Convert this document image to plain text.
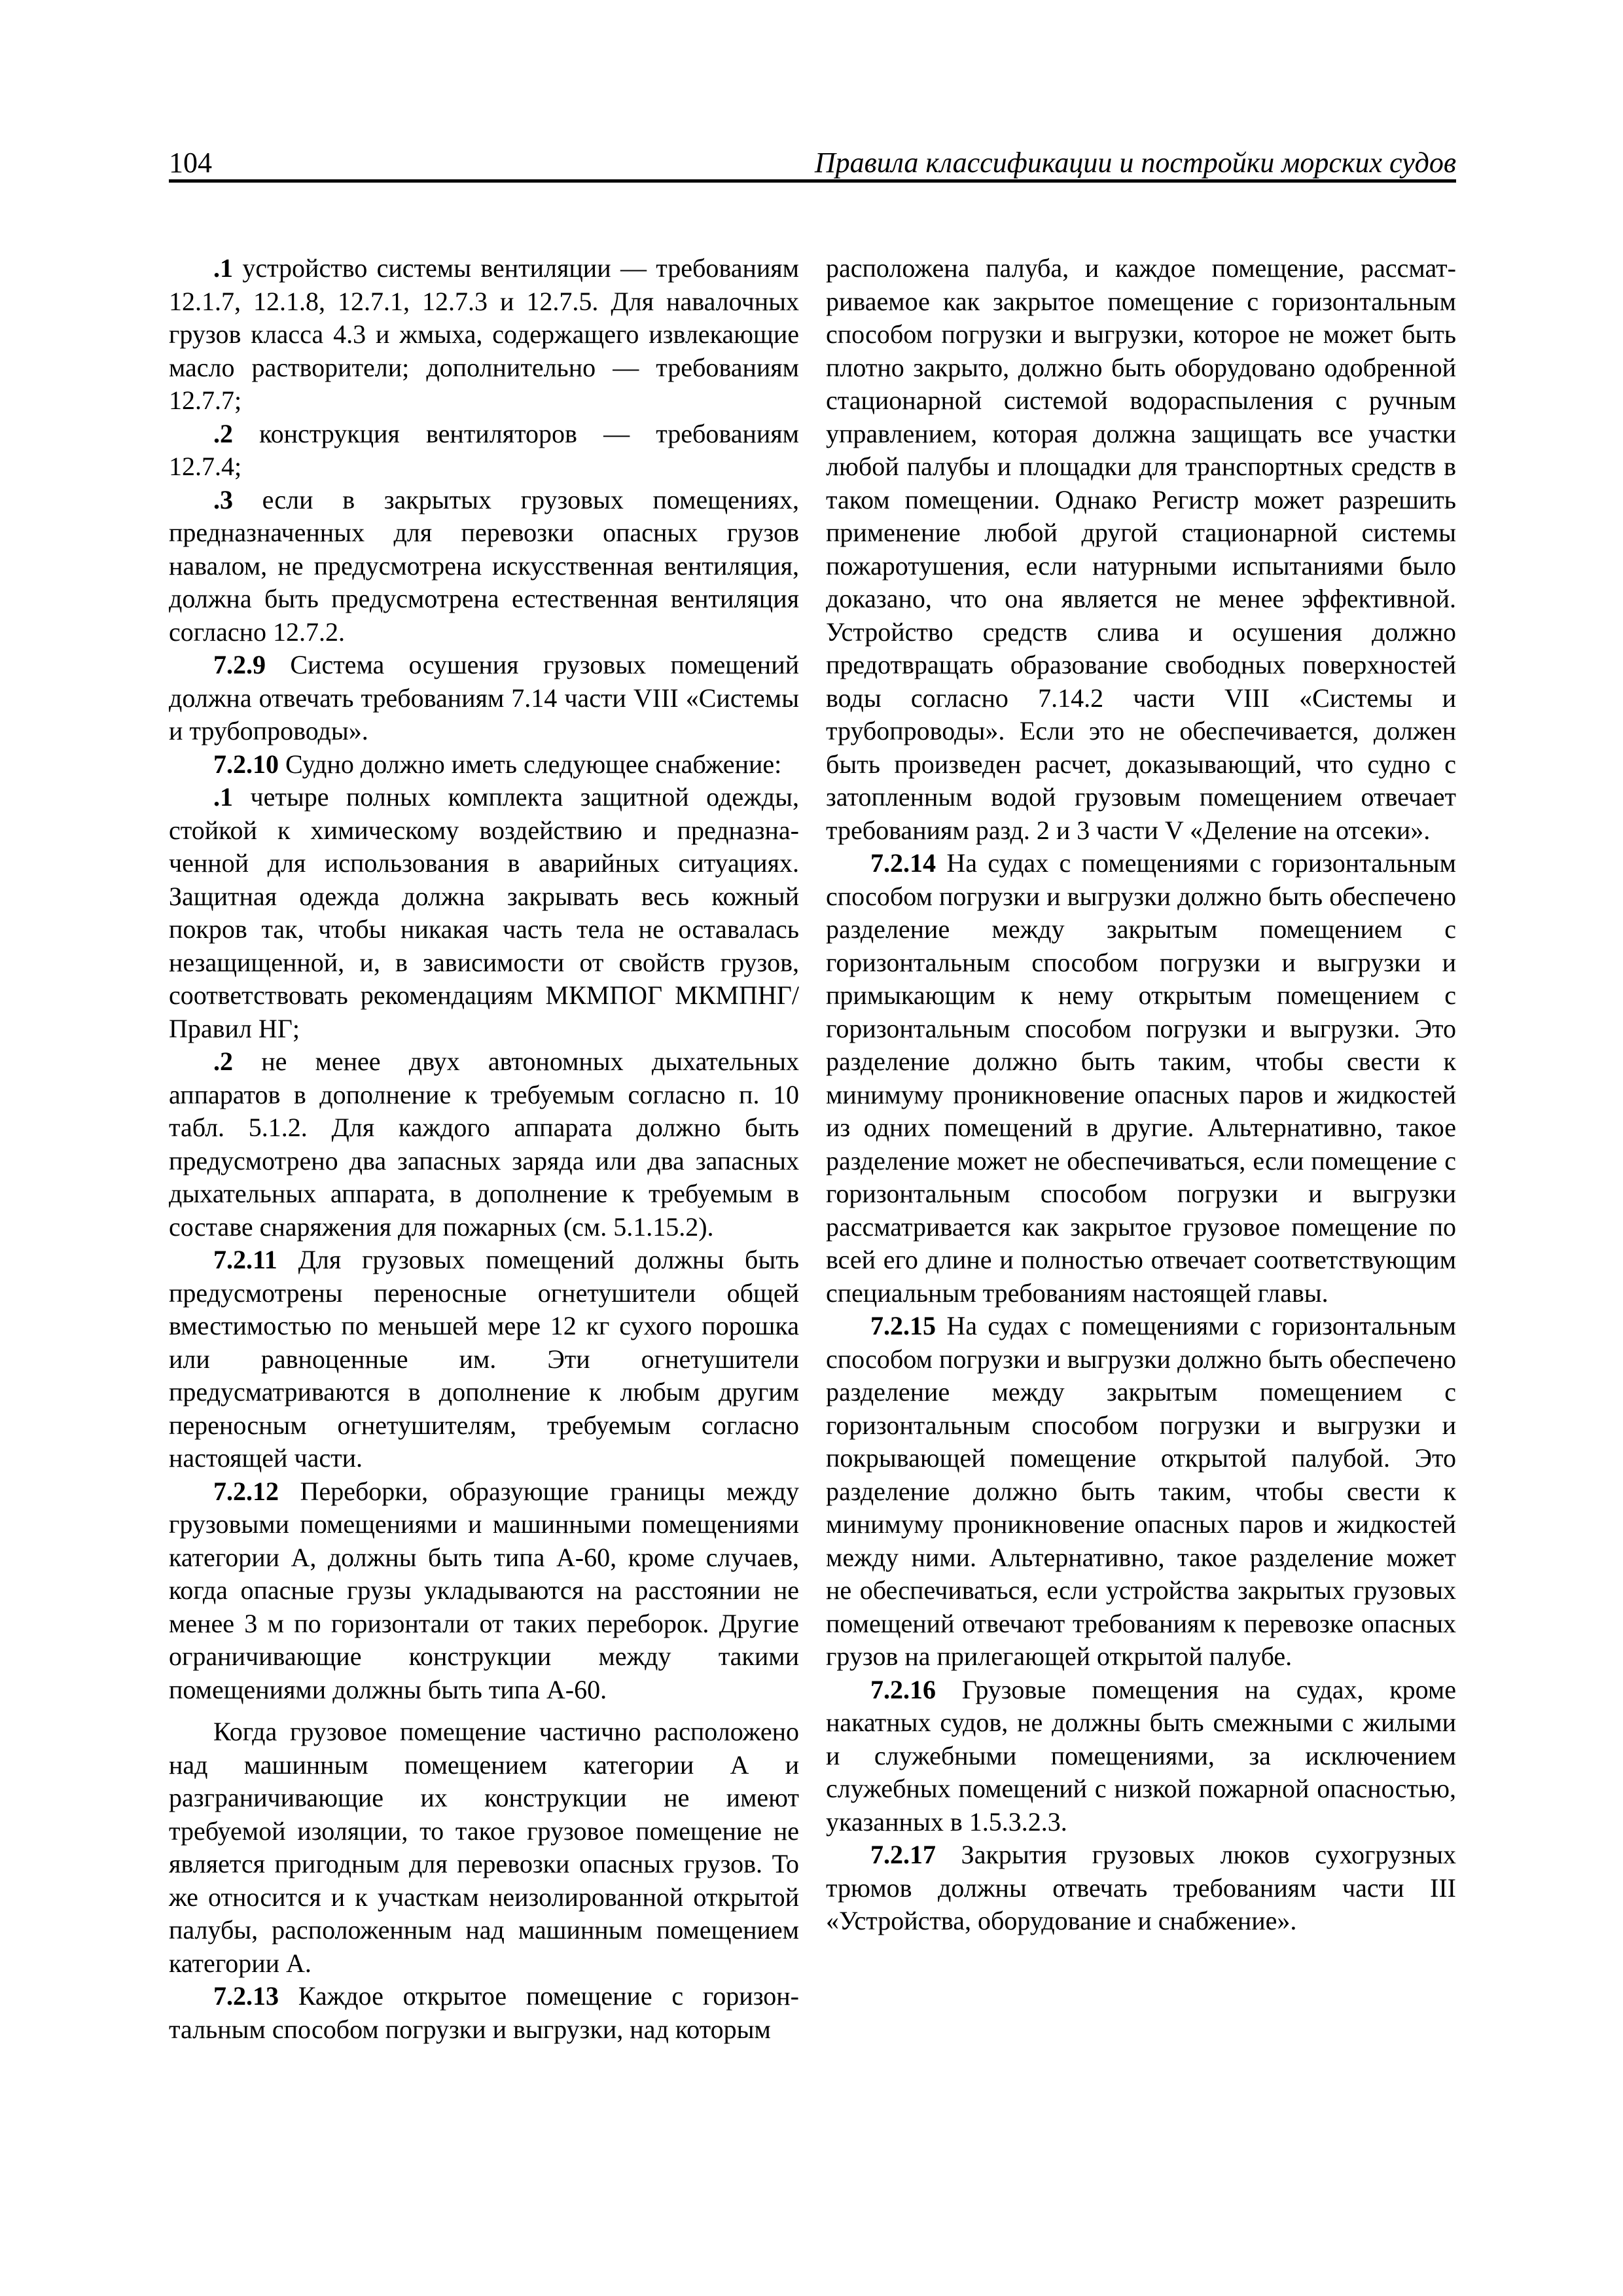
104	Правила классификации и постройки морских судов

.1 устройство системы вентиляции — требованиям 12.1.7, 12.1.8, 12.7.1, 12.7.3 и 12.7.5. Для навалочных грузов класса 4.3 и жмыха, содержащего извлекающие масло растворители; дополнительно — требованиям 12.7.7;

.2 конструкция вентиляторов — требованиям 12.7.4;

.3 если в закрытых грузовых помещениях, предназначенных для перевозки опасных грузов навалом, не предусмотрена искусственная вентиляция, должна быть предусмотрена естественная вентиляция согласно 12.7.2.

7.2.9 Система осушения грузовых помещений должна отвечать требованиям 7.14 части VIII «Системы и трубопроводы».

7.2.10 Судно должно иметь следующее снабжение:

.1 четыре полных комплекта защитной одежды, стойкой к химическому воздействию и предназначенной для использования в аварийных ситуациях. Защитная одежда должна закрывать весь кожный покров так, чтобы никакая часть тела не оставалась незащищенной, и, в зависимости от свойств грузов, соответствовать рекомендациям МКМПОГ МКМПНГ/Правил НГ;

.2 не менее двух автономных дыхательных аппаратов в дополнение к требуемым согласно п. 10 табл. 5.1.2. Для каждого аппарата должно быть предусмотрено два запасных заряда или два запасных дыхательных аппарата, в дополнение к требуемым в составе снаряжения для пожарных (см. 5.1.15.2).

7.2.11 Для грузовых помещений должны быть предусмотрены переносные огнетушители общей вместимостью по меньшей мере 12 кг сухого порошка или равноценные им. Эти огнетушители предусматриваются в дополнение к любым другим переносным огнетушителям, требуемым согласно настоящей части.

7.2.12 Переборки, образующие границы между грузовыми помещениями и машинными помещениями категории А, должны быть типа А-60, кроме случаев, когда опасные грузы укладываются на расстоянии не менее 3 м по горизонтали от таких переборок. Другие ограничивающие конструкции между такими помещениями должны быть типа А-60.

Когда грузовое помещение частично расположено над машинным помещением категории А и разграничивающие их конструкции не имеют требуемой изоляции, то такое грузовое помещение не является пригодным для перевозки опасных грузов. То же относится и к участкам неизолированной открытой палубы, расположенным над машинным помещением категории А.

7.2.13 Каждое открытое помещение с горизонтальным способом погрузки и выгрузки, над которым

расположена палуба, и каждое помещение, рассматриваемое как закрытое помещение с горизонтальным способом погрузки и выгрузки, которое не может быть плотно закрыто, должно быть оборудовано одобренной стационарной системой водораспыления с ручным управлением, которая должна защищать все участки любой палубы и площадки для транспортных средств в таком помещении. Однако Регистр может разрешить применение любой другой стационарной системы пожаротушения, если натурными испытаниями было доказано, что она является не менее эффективной. Устройство средств слива и осушения должно предотвращать образование свободных поверхностей воды согласно 7.14.2 части VIII «Системы и трубопроводы». Если это не обеспечивается, должен быть произведен расчет, доказывающий, что судно с затопленным водой грузовым помещением отвечает требованиям разд. 2 и 3 части V «Деление на отсеки».

7.2.14 На судах с помещениями с горизонтальным способом погрузки и выгрузки должно быть обеспечено разделение между закрытым помещением с горизонтальным способом погрузки и выгрузки и примыкающим к нему открытым помещением с горизонтальным способом погрузки и выгрузки. Это разделение должно быть таким, чтобы свести к минимуму проникновение опасных паров и жидкостей из одних помещений в другие. Альтернативно, такое разделение может не обеспечиваться, если помещение с горизонтальным способом погрузки и выгрузки рассматривается как закрытое грузовое помещение по всей его длине и полностью отвечает соответствующим специальным требованиям настоящей главы.

7.2.15 На судах с помещениями с горизонтальным способом погрузки и выгрузки должно быть обеспечено разделение между закрытым помещением с горизонтальным способом погрузки и выгрузки и покрывающей помещение открытой палубой. Это разделение должно быть таким, чтобы свести к минимуму проникновение опасных паров и жидкостей между ними. Альтернативно, такое разделение может не обеспечиваться, если устройства закрытых грузовых помещений отвечают требованиям к перевозке опасных грузов на прилегающей открытой палубе.

7.2.16 Грузовые помещения на судах, кроме накатных судов, не должны быть смежными с жилыми и служебными помещениями, за исключением служебных помещений с низкой пожарной опасностью, указанных в 1.5.3.2.3.

7.2.17 Закрытия грузовых люков сухогрузных трюмов должны отвечать требованиям части III «Устройства, оборудование и снабжение».
